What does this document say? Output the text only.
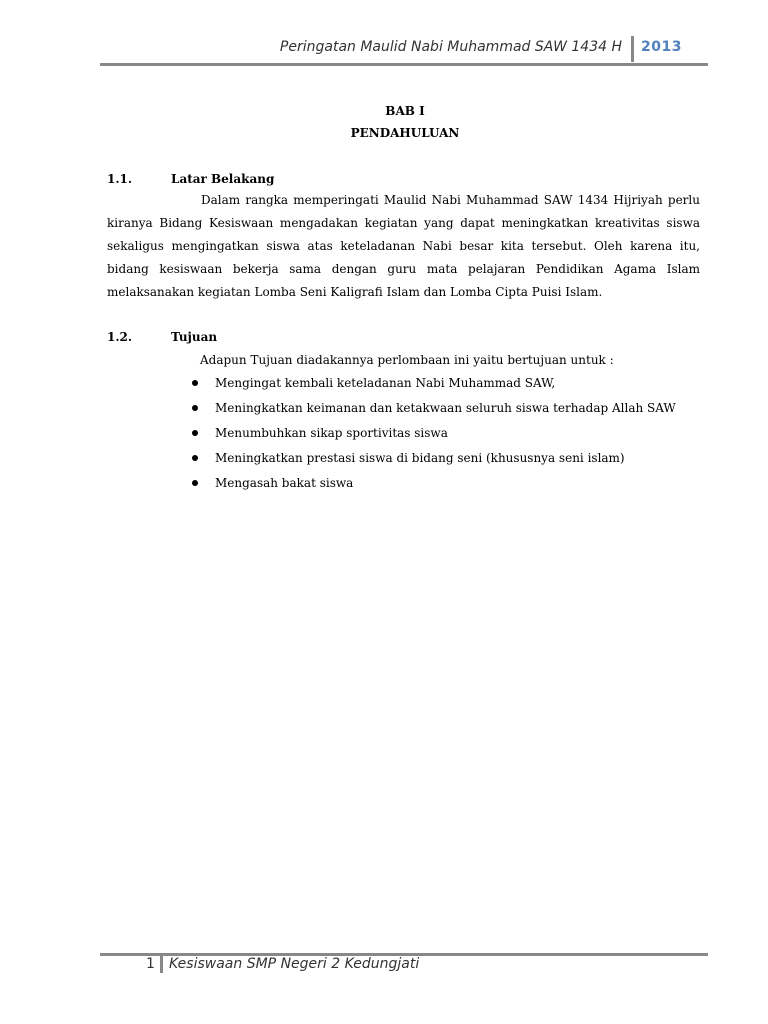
Peringatan Maulid Nabi Muhammad SAW 1434 H 2013
BAB I
PENDAHULUAN
1.1.	Latar Belakang
Dalam rangka memperingati Maulid Nabi Muhammad SAW 1434 Hijriyah perlu kiranya Bidang Kesiswaan mengadakan kegiatan yang dapat meningkatkan kreativitas siswa sekaligus mengingatkan siswa atas keteladanan Nabi besar kita tersebut. Oleh karena itu, bidang kesiswaan bekerja sama dengan guru mata pelajaran Pendidikan Agama Islam melaksanakan kegiatan Lomba Seni Kaligrafi Islam dan Lomba Cipta Puisi Islam.
1.2.	Tujuan
Adapun Tujuan diadakannya perlombaan ini yaitu bertujuan untuk :
Mengingat kembali keteladanan Nabi Muhammad SAW,
Meningkatkan keimanan dan ketakwaan seluruh siswa terhadap Allah SAW
Menumbuhkan sikap sportivitas siswa
Meningkatkan prestasi siswa di bidang seni (khususnya seni islam)
Mengasah bakat siswa
1 Kesiswaan SMP Negeri 2 Kedungjati
